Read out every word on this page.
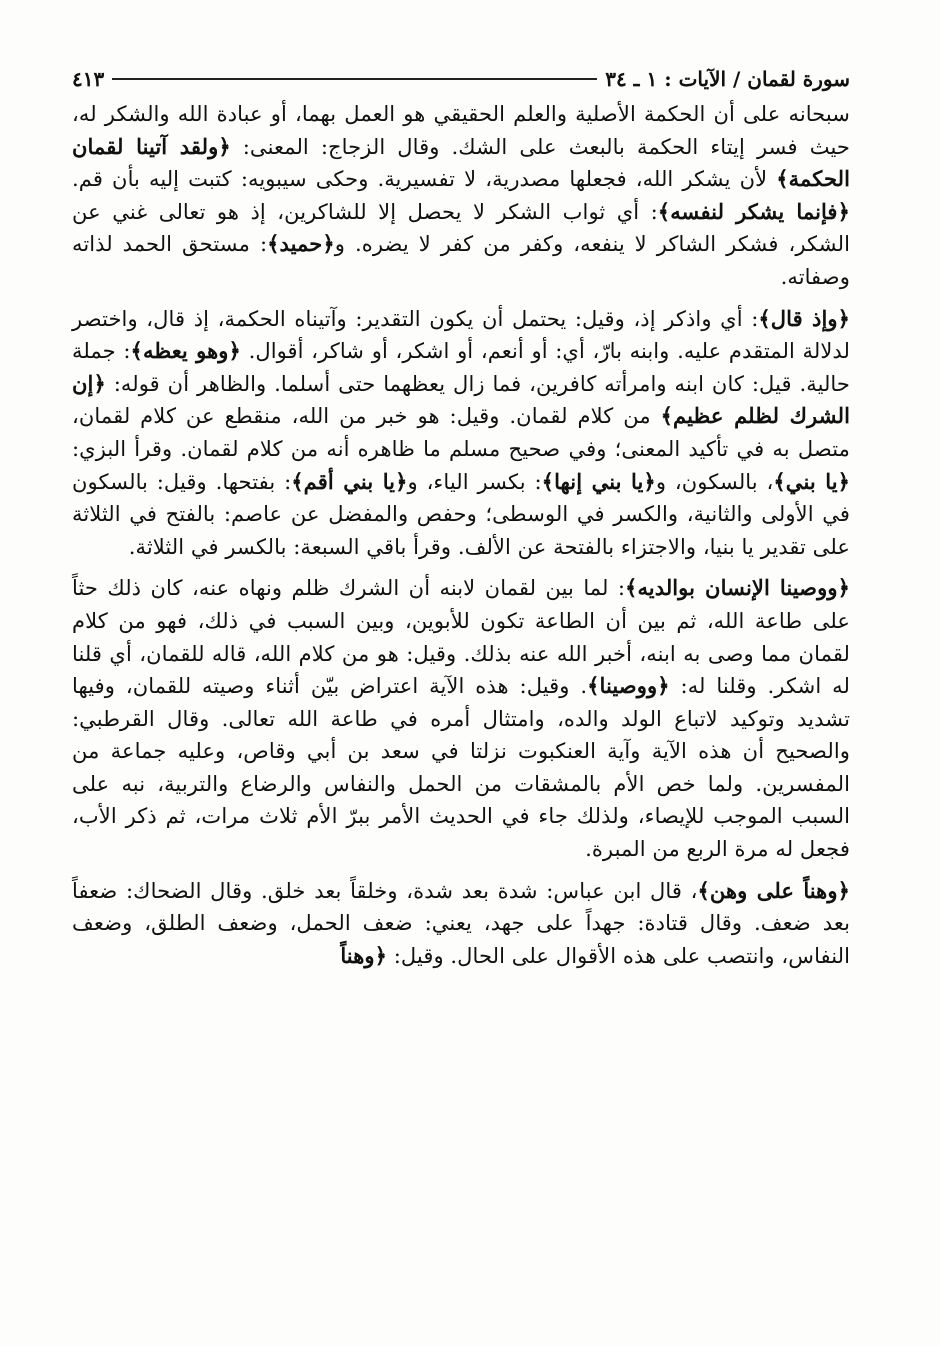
سورة لقمان / الآيات : ١ ـ ٣٤
٤١٣

سبحانه على أن الحكمة الأصلية والعلم الحقيقي هو العمل بهما، أو عبادة الله والشكر له، حيث فسر إيتاء الحكمة بالبعث على الشك. وقال الزجاج: المعنى: ﴿ولقد آتينا لقمان الحكمة﴾ لأن يشكر الله، فجعلها مصدرية، لا تفسيرية. وحكى سيبويه: كتبت إليه بأن قم. ﴿فإنما يشكر لنفسه﴾: أي ثواب الشكر لا يحصل إلا للشاكرين، إذ هو تعالى غني عن الشكر، فشكر الشاكر لا ينفعه، وكفر من كفر لا يضره. و﴿حميد﴾: مستحق الحمد لذاته وصفاته.

﴿وإذ قال﴾: أي واذكر إذ، وقيل: يحتمل أن يكون التقدير: وآتيناه الحكمة، إذ قال، واختصر لدلالة المتقدم عليه. وابنه بارّ، أي: أو أنعم، أو اشكر، أو شاكر، أقوال. ﴿وهو يعظه﴾: جملة حالية. قيل: كان ابنه وامرأته كافرين، فما زال يعظهما حتى أسلما. والظاهر أن قوله: ﴿إن الشرك لظلم عظيم﴾ من كلام لقمان. وقيل: هو خبر من الله، منقطع عن كلام لقمان، متصل به في تأكيد المعنى؛ وفي صحيح مسلم ما ظاهره أنه من كلام لقمان. وقرأ البزي: ﴿يا بني﴾، بالسكون، و﴿يا بني إنها﴾: بكسر الياء، و﴿يا بني أقم﴾: بفتحها. وقيل: بالسكون في الأولى والثانية، والكسر في الوسطى؛ وحفص والمفضل عن عاصم: بالفتح في الثلاثة على تقدير يا بنيا، والاجتزاء بالفتحة عن الألف. وقرأ باقي السبعة: بالكسر في الثلاثة.

﴿ووصينا الإنسان بوالديه﴾: لما بين لقمان لابنه أن الشرك ظلم ونهاه عنه، كان ذلك حثاً على طاعة الله، ثم بين أن الطاعة تكون للأبوين، وبين السبب في ذلك، فهو من كلام لقمان مما وصى به ابنه، أخبر الله عنه بذلك. وقيل: هو من كلام الله، قاله للقمان، أي قلنا له اشكر. وقلنا له: ﴿ووصينا﴾. وقيل: هذه الآية اعتراض بيّن أثناء وصيته للقمان، وفيها تشديد وتوكيد لاتباع الولد والده، وامتثال أمره في طاعة الله تعالى. وقال القرطبي: والصحيح أن هذه الآية وآية العنكبوت نزلتا في سعد بن أبي وقاص، وعليه جماعة من المفسرين. ولما خص الأم بالمشقات من الحمل والنفاس والرضاع والتربية، نبه على السبب الموجب للإيصاء، ولذلك جاء في الحديث الأمر ببرّ الأم ثلاث مرات، ثم ذكر الأب، فجعل له مرة الربع من المبرة.

﴿وهناً على وهن﴾، قال ابن عباس: شدة بعد شدة، وخلقاً بعد خلق. وقال الضحاك: ضعفاً بعد ضعف. وقال قتادة: جهداً على جهد، يعني: ضعف الحمل، وضعف الطلق، وضعف النفاس، وانتصب على هذه الأقوال على الحال. وقيل: ﴿وهناً
